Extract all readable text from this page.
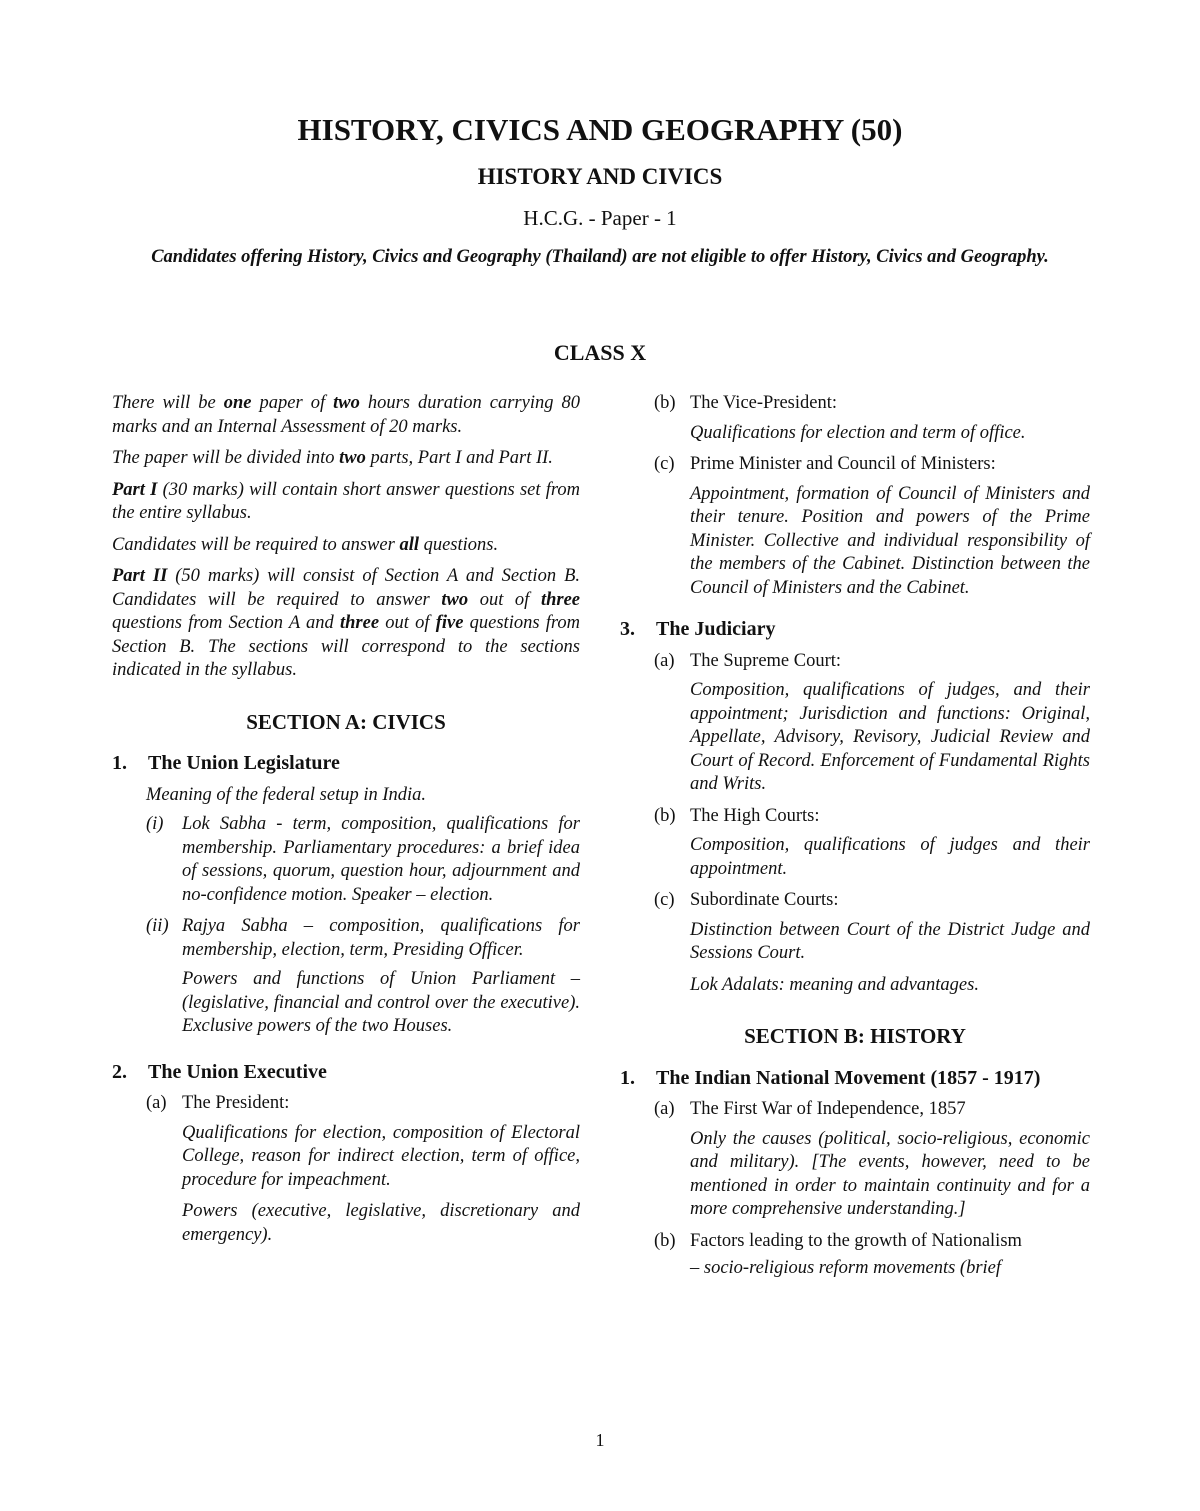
HISTORY, CIVICS AND GEOGRAPHY (50)
HISTORY AND CIVICS
H.C.G. - Paper - 1
Candidates offering History, Civics and Geography (Thailand) are not eligible to offer History, Civics and Geography.
CLASS X

There will be one paper of two hours duration carrying 80 marks and an Internal Assessment of 20 marks.

The paper will be divided into two parts, Part I and Part II.

Part I (30 marks) will contain short answer questions set from the entire syllabus.

Candidates will be required to answer all questions.

Part II (50 marks) will consist of Section A and Section B. Candidates will be required to answer two out of three questions from Section A and three out of five questions from Section B. The sections will correspond to the sections indicated in the syllabus.

SECTION A: CIVICS
1.	The Union Legislature

Meaning of the federal setup in India.

(i)	Lok Sabha - term, composition, qualifications for membership. Parliamentary procedures: a brief idea of sessions, quorum, question hour, adjournment and no-confidence motion. Speaker – election.
(ii) Rajya Sabha – composition, qualifications for membership, election, term, Presiding Officer.

Powers and functions of Union Parliament – (legislative, financial and control over the executive). Exclusive powers of the two Houses.

2.	The Union Executive
(a) The President:

Qualifications for election, composition of Electoral College, reason for indirect election, term of office, procedure for impeachment.

Powers (executive, legislative, discretionary and emergency).

(b) The Vice-President:

Qualifications for election and term of office.

(c) Prime Minister and Council of Ministers:

Appointment, formation of Council of Ministers and their tenure. Position and powers of the Prime Minister. Collective and individual responsibility of the members of the Cabinet. Distinction between the Council of Ministers and the Cabinet.

3.	The Judiciary
(a) The Supreme Court:

Composition, qualifications of judges, and their appointment; Jurisdiction and functions: Original, Appellate, Advisory, Revisory, Judicial Review and Court of Record. Enforcement of Fundamental Rights and Writs.

(b) The High Courts:

Composition, qualifications of judges and their appointment.

(c) Subordinate Courts:

Distinction between Court of the District Judge and Sessions Court.

Lok Adalats: meaning and advantages.

SECTION B: HISTORY
1.	The Indian National Movement (1857 - 1917)
(a) The First War of Independence, 1857

Only the causes (political, socio-religious, economic and military). [The events, however, need to be mentioned in order to maintain continuity and for a more comprehensive understanding.]

(b) Factors leading to the growth of Nationalism

– socio-religious reform movements (brief

1
